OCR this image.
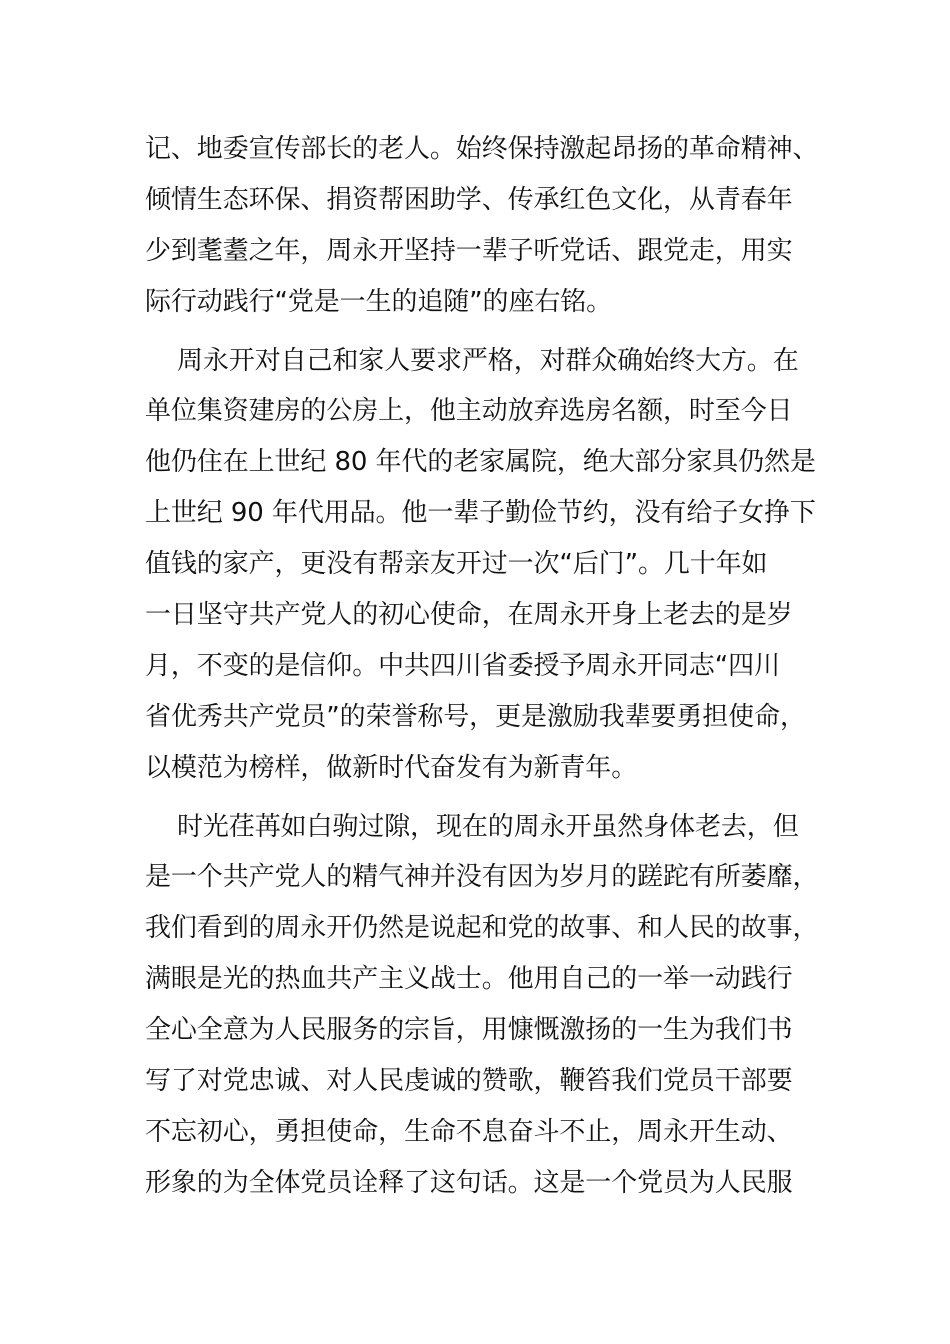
记、地委宣传部长的老人。始终保持激起昂扬的革命精神、
倾情生态环保、捐资帮困助学、传承红色文化，从青春年
少到耄耋之年，周永开坚持一辈子听党话、跟党走，用实
际行动践行“党是一生的追随”的座右铭。
周永开对自己和家人要求严格，对群众确始终大方。在
单位集资建房的公房上，他主动放弃选房名额，时至今日
他仍住在上世纪 80 年代的老家属院，绝大部分家具仍然是
上世纪 90 年代用品。他一辈子勤俭节约，没有给子女挣下
值钱的家产，更没有帮亲友开过一次“后门”。几十年如
一日坚守共产党人的初心使命，在周永开身上老去的是岁
月，不变的是信仰。中共四川省委授予周永开同志“四川
省优秀共产党员”的荣誉称号，更是激励我辈要勇担使命，
以模范为榜样，做新时代奋发有为新青年。
时光荏苒如白驹过隙，现在的周永开虽然身体老去，但
是一个共产党人的精气神并没有因为岁月的蹉跎有所萎靡，
我们看到的周永开仍然是说起和党的故事、和人民的故事，
满眼是光的热血共产主义战士。他用自己的一举一动践行
全心全意为人民服务的宗旨，用慷慨激扬的一生为我们书
写了对党忠诚、对人民虔诚的赞歌，鞭笞我们党员干部要
不忘初心，勇担使命，生命不息奋斗不止，周永开生动、
形象的为全体党员诠释了这句话。这是一个党员为人民服
